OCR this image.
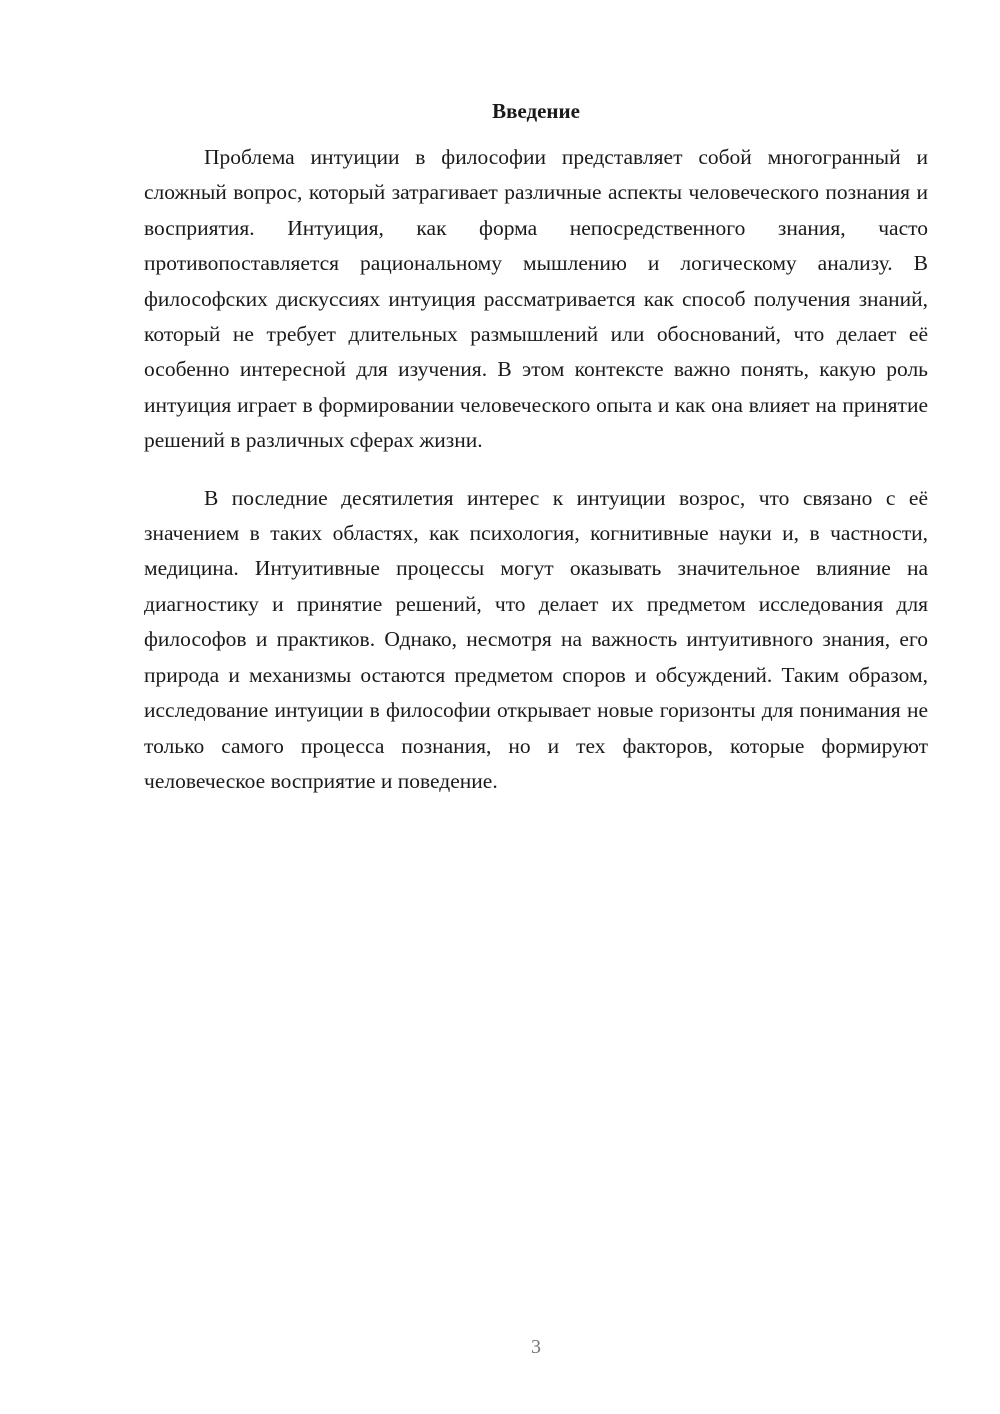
Введение

Проблема интуиции в философии представляет собой многогранный и сложный вопрос, который затрагивает различные аспекты человеческого познания и восприятия. Интуиция, как форма непосредственного знания, часто противопоставляется рациональному мышлению и логическому анализу. В философских дискуссиях интуиция рассматривается как способ получения знаний, который не требует длительных размышлений или обоснований, что делает её особенно интересной для изучения. В этом контексте важно понять, какую роль интуиция играет в формировании человеческого опыта и как она влияет на принятие решений в различных сферах жизни.

В последние десятилетия интерес к интуиции возрос, что связано с её значением в таких областях, как психология, когнитивные науки и, в частности, медицина. Интуитивные процессы могут оказывать значительное влияние на диагностику и принятие решений, что делает их предметом исследования для философов и практиков. Однако, несмотря на важность интуитивного знания, его природа и механизмы остаются предметом споров и обсуждений. Таким образом, исследование интуиции в философии открывает новые горизонты для понимания не только самого процесса познания, но и тех факторов, которые формируют человеческое восприятие и поведение.

3
